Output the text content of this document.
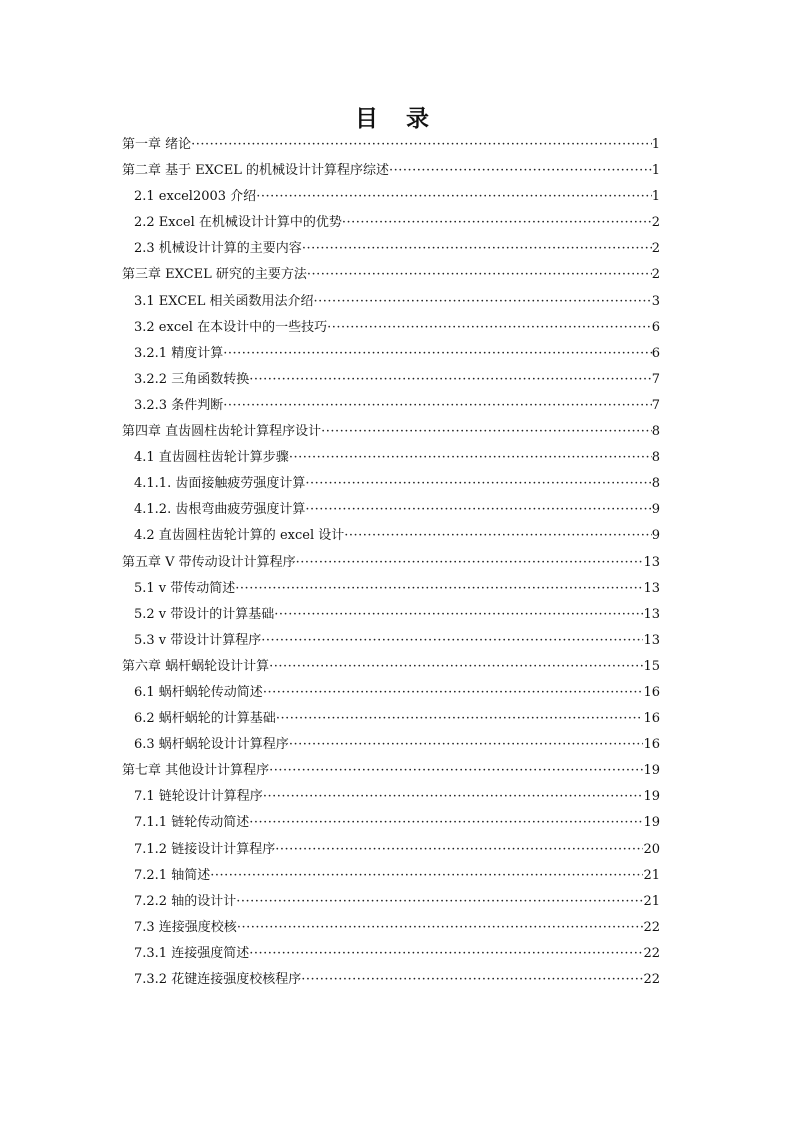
目 录
第一章 绪论 ·····	1
第二章 基于 EXCEL 的机械设计计算程序综述 ·····	1
2.1 excel2003 介绍 ·····	1
2.2 Excel 在机械设计计算中的优势 ·····	2
2.3 机械设计计算的主要内容 ·····	2
第三章 EXCEL 研究的主要方法 ·····	2
3.1 EXCEL 相关函数用法介绍 ·····	3
3.2 excel 在本设计中的一些技巧 ·····	6
3.2.1 精度计算 ·····	6
3.2.2 三角函数转换 ·····	7
3.2.3 条件判断 ·····	7
第四章 直齿圆柱齿轮计算程序设计 ·····	8
4.1 直齿圆柱齿轮计算步骤 ·····	8
4.1.1. 齿面接触疲劳强度计算 ·····	8
4.1.2. 齿根弯曲疲劳强度计算 ·····	9
4.2 直齿圆柱齿轮计算的 excel 设计 ·····	9
第五章 V 带传动设计计算程序 ·····	13
5.1 v 带传动简述 ·····	13
5.2 v 带设计的计算基础 ·····	13
5.3 v 带设计计算程序 ·····	13
第六章 蜗杆蜗轮设计计算 ·····	15
6.1 蜗杆蜗轮传动简述 ·····	16
6.2 蜗杆蜗轮的计算基础 ·····	16
6.3 蜗杆蜗轮设计计算程序 ·····	16
第七章 其他设计计算程序 ·····	19
7.1 链轮设计计算程序 ·····	19
7.1.1 链轮传动简述 ·····	19
7.1.2 链接设计计算程序 ·····	20
7.2.1 轴简述 ·····	21
7.2.2 轴的设计计 ·····	21
7.3 连接强度校核 ·····	22
7.3.1 连接强度简述 ·····	22
7.3.2 花键连接强度校核程序 ·····	22
